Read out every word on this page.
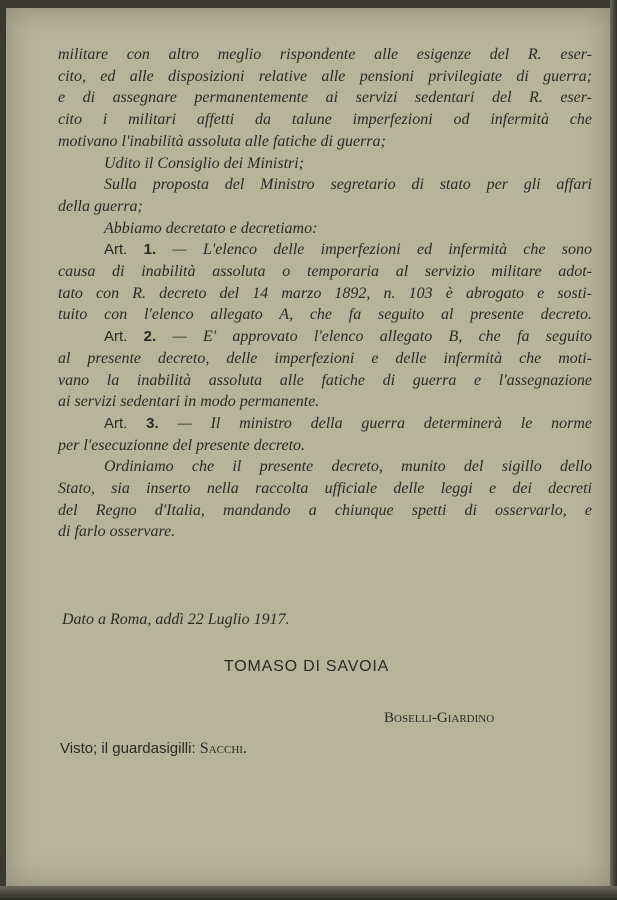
militare con altro meglio rispondente alle esigenze del R. eser-
cito, ed alle disposizioni relative alle pensioni privilegiate di guerra;
e di assegnare permanentemente ai servizi sedentari del R. eser-
cito i militari affetti da talune imperfezioni od infermità che
motivano l'inabilità assoluta alle fatiche di guerra;
Udito il Consiglio dei Ministri;
Sulla proposta del Ministro segretario di stato per gli affari
della guerra;
Abbiamo decretato e decretiamo:
Art. 1. — L'elenco delle imperfezioni ed infermità che sono
causa di inabilità assoluta o temporaria al servizio militare adot-
tato con R. decreto del 14 marzo 1892, n. 103 è abrogato e sosti-
tuito con l'elenco allegato A, che fa seguito al presente decreto.
Art. 2. — E' approvato l'elenco allegato B, che fa seguito
al presente decreto, delle imperfezioni e delle infermità che moti-
vano la inabilità assoluta alle fatiche di guerra e l'assegnazione
ai servizi sedentari in modo permanente.
Art. 3. — Il ministro della guerra determinerà le norme
per l'esecuzionne del presente decreto.
Ordiniamo che il presente decreto, munito del sigillo dello
Stato, sia inserto nella raccolta ufficiale delle leggi e dei decreti
del Regno d'Italia, mandando a chiunque spetti di osservarlo, e
di farlo osservare.
Dato a Roma, addì 22 Luglio 1917.
TOMASO DI SAVOIA
Boselli-Giardino
Visto; il guardasigilli: Sacchi.
